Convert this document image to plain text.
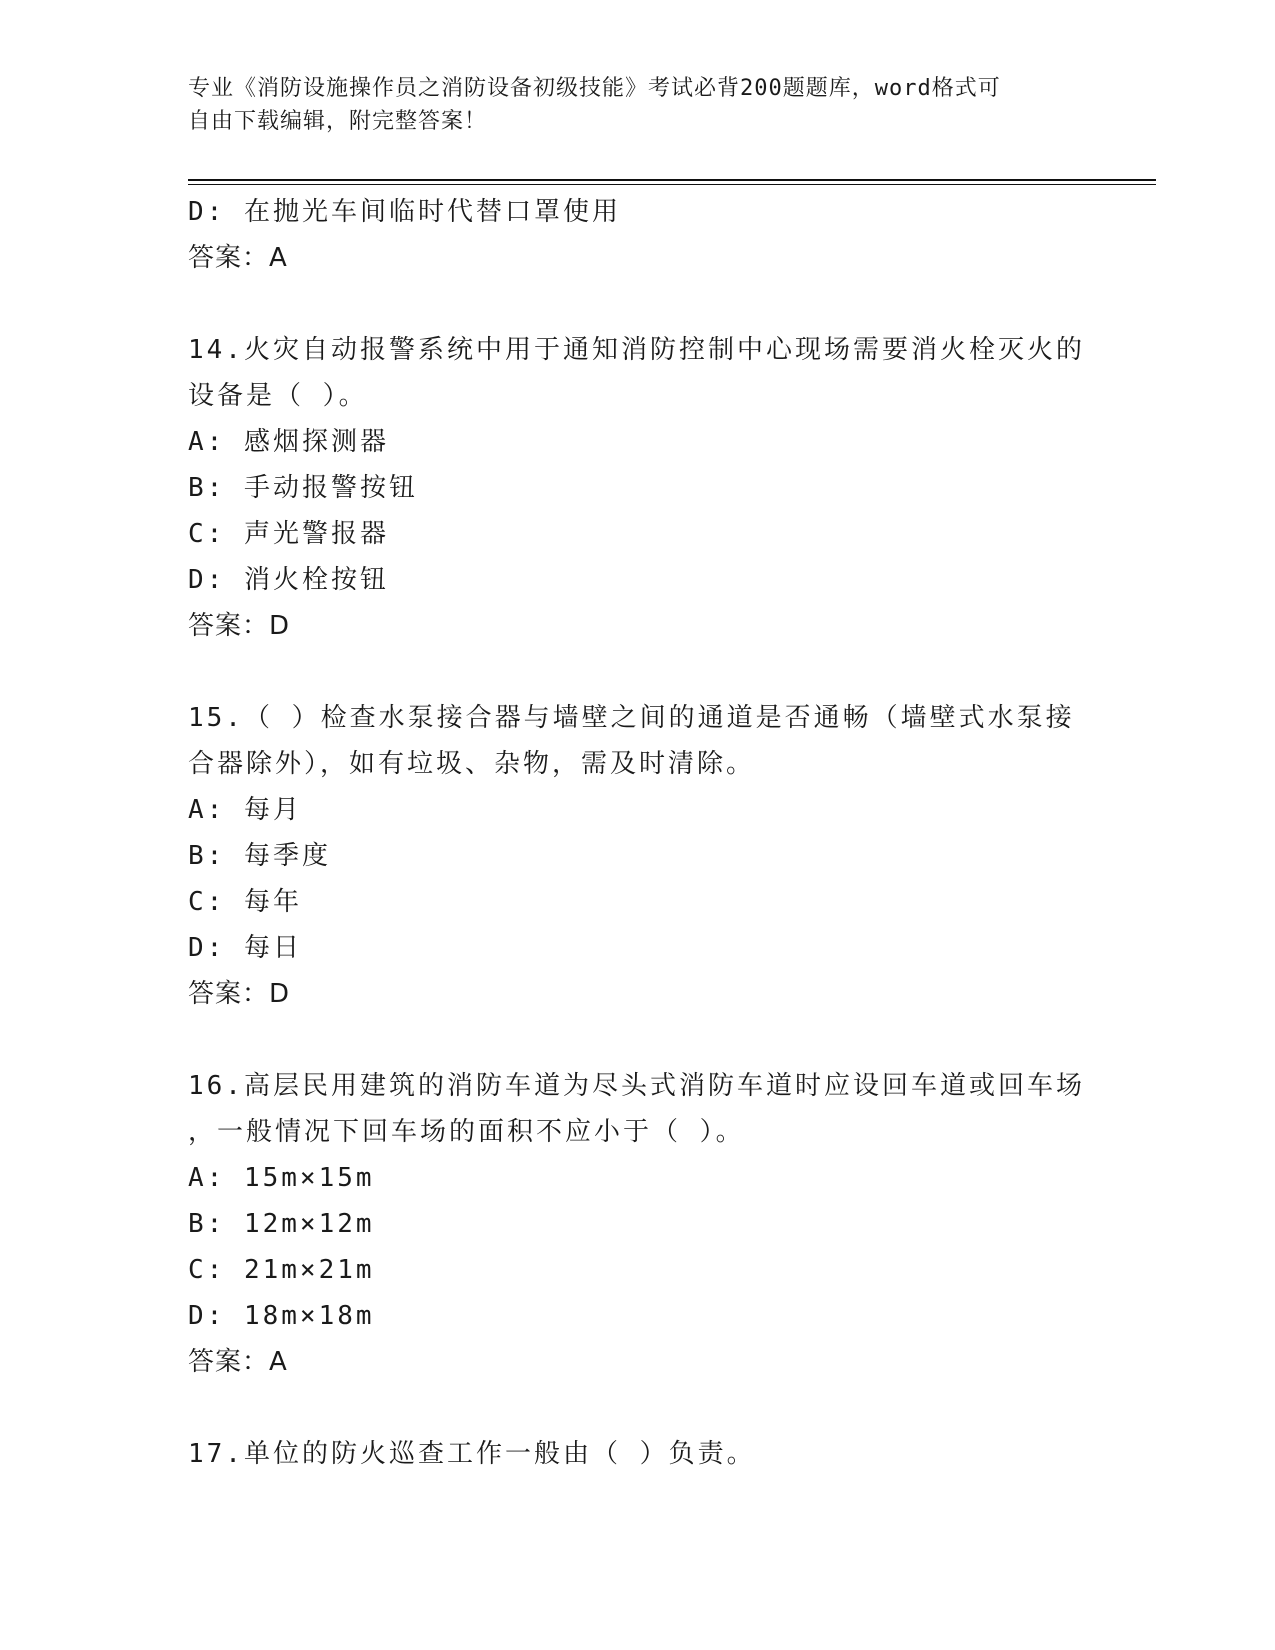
专业《消防设施操作员之消防设备初级技能》考试必背200题题库，word格式可
自由下载编辑，附完整答案！
D: 在抛光车间临时代替口罩使用
答案：A
14.火灾自动报警系统中用于通知消防控制中心现场需要消火栓灭火的
设备是（ ）。
A: 感烟探测器
B: 手动报警按钮
C: 声光警报器
D: 消火栓按钮
答案：D
15.（ ）检查水泵接合器与墙壁之间的通道是否通畅（墙壁式水泵接
合器除外），如有垃圾、杂物，需及时清除。
A: 每月
B: 每季度
C: 每年
D: 每日
答案：D
16.高层民用建筑的消防车道为尽头式消防车道时应设回车道或回车场
，一般情况下回车场的面积不应小于（ ）。
A: 15m×15m
B: 12m×12m
C: 21m×21m
D: 18m×18m
答案：A
17.单位的防火巡查工作一般由（ ）负责。
